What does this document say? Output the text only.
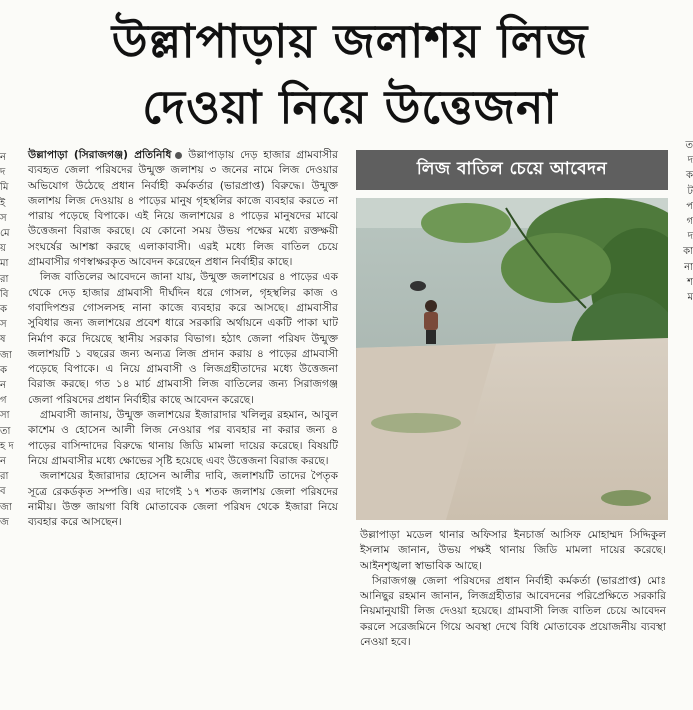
ন দ মি ই স মে য় মা রা বি ক স ষ জা ক ন গ সা তা হ দ ন রা ব জা জ
ত দ ক ট প গ দ কা না শ ম
উল্লাপাড়ায় জলাশয় লিজ
দেওয়া নিয়ে উত্তেজনা

উল্লাপাড়া (সিরাজগঞ্জ) প্রতিনিধি উল্লাপাড়ায় দেড় হাজার গ্রামবাসীর ব্যবহৃত জেলা পরিষদের উন্মুক্ত জলাশয় ৩ জনের নামে লিজ দেওয়ার অভিযোগ উঠেছে প্রধান নির্বাহী কর্মকর্তার (ভারপ্রাপ্ত) বিরুদ্ধে। উন্মুক্ত জলাশয় লিজ দেওয়ায় ৪ পাড়ের মানুষ গৃহস্থলির কাজে ব্যবহার করতে না পারায় পড়েছে বিপাকে। এই নিয়ে জলাশয়ের ৪ পাড়ের মানুষদের মাঝে উত্তেজনা বিরাজ করছে। যে কোনো সময় উভয় পক্ষের মধ্যে রক্তক্ষয়ী সংঘর্ষের আশঙ্কা করছে এলাকাবাসী। এরই মধ্যে লিজ বাতিল চেয়ে গ্রামবাসীর গণস্বাক্ষরকৃত আবেদন করেছেন প্রধান নির্বাহীর কাছে।

লিজ বাতিলের আবেদনে জানা যায়, উন্মুক্ত জলাশয়ের ৪ পাড়ের এক থেকে দেড় হাজার গ্রামবাসী দীর্ঘদিন ধরে গোসল, গৃহস্থলির কাজ ও গবাদিপশুর গোসলসহ নানা কাজে ব্যবহার করে আসছে। গ্রামবাসীর সুবিধার জন্য জলাশয়ের প্রবেশ ধারে সরকারি অর্থায়নে একটি পাকা ঘাট নির্মাণ করে দিয়েছে স্থানীয় সরকার বিভাগ। হঠাৎ জেলা পরিষদ উন্মুক্ত জলাশয়টি ১ বছরের জন্য অন্যত্র লিজ প্রদান করায় ৪ পাড়ের গ্রামবাসী পড়েছে বিপাকে। এ নিয়ে গ্রামবাসী ও লিজগ্রহীতাদের মধ্যে উত্তেজনা বিরাজ করছে। গত ১৪ মার্চ গ্রামবাসী লিজ বাতিলের জন্য সিরাজগঞ্জ জেলা পরিষদের প্রধান নির্বাহীর কাছে আবেদন করেছে।

গ্রামবাসী জানায়, উন্মুক্ত জলাশয়ের ইজারাদার খলিলুর রহমান, আবুল কাশেম ও হোসেন আলী লিজ নেওয়ার পর ব্যবহার না করার জন্য ৪ পাড়ের বাসিন্দাদের বিরুদ্ধে থানায় জিডি মামলা দায়ের করেছে। বিষয়টি নিয়ে গ্রামবাসীর মধ্যে ক্ষোভের সৃষ্টি হয়েছে এবং উত্তেজনা বিরাজ করছে।

জলাশয়ের ইজারাদার হোসেন আলীর দাবি, জলাশয়টি তাদের পৈতৃক সূত্রে রেকর্ডকৃত সম্পত্তি। এর দাগেই ১৭ শতক জলাশয় জেলা পরিষদের নামীয়। উক্ত জায়গা বিধি মোতাবেক জেলা পরিষদ থেকে ইজারা নিয়ে ব্যবহার করে আসছেন।

লিজ বাতিল চেয়ে আবেদন

উল্লাপাড়া মডেল থানার অফিসার ইনচার্জ আসিফ মোহাম্মদ সিদ্দিকুল ইসলাম জানান, উভয় পক্ষই থানায় জিডি মামলা দায়ের করেছে। আইনশৃঙ্খলা স্বাভাবিক আছে।

সিরাজগঞ্জ জেলা পরিষদের প্রধান নির্বাহী কর্মকর্তা (ভারপ্রাপ্ত) মোঃ আনিছুর রহমান জানান, লিজগ্রহীতার আবেদনের পরিপ্রেক্ষিতে সরকারি নিয়মানুযায়ী লিজ দেওয়া হয়েছে। গ্রামবাসী লিজ বাতিল চেয়ে আবেদন করলে সরেজমিনে গিয়ে অবস্থা দেখে বিধি মোতাবেক প্রয়োজনীয় ব্যবস্থা নেওয়া হবে।
